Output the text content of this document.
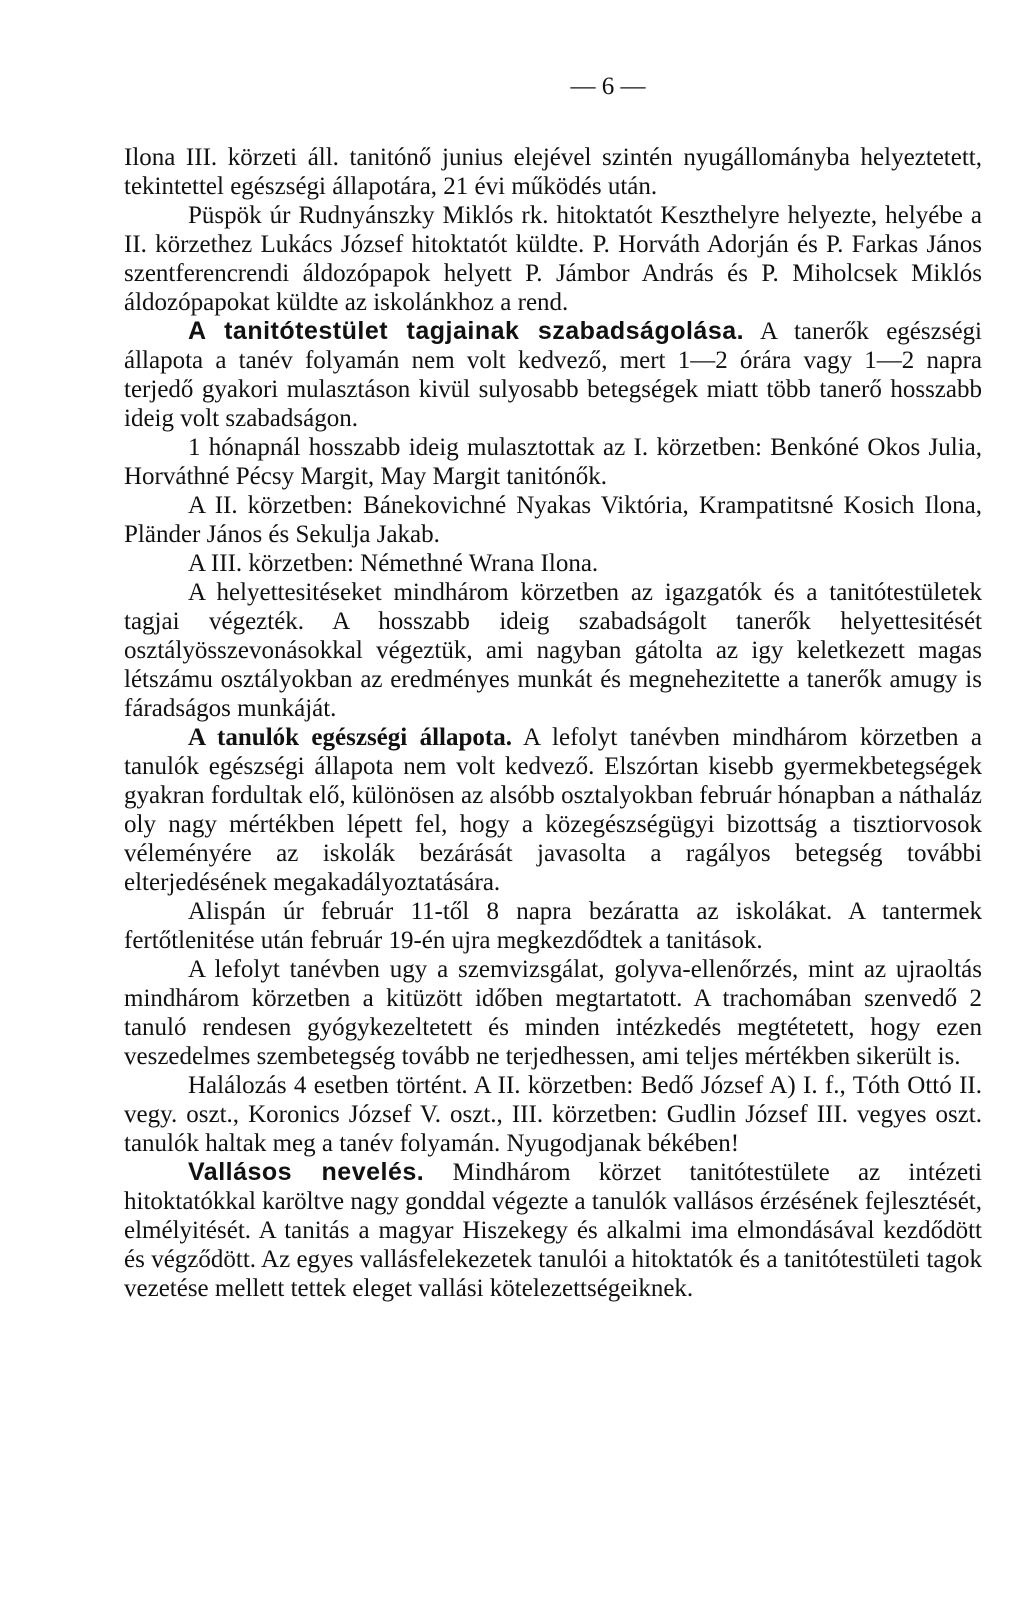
— 6 —

Ilona III. körzeti áll. tanitónő junius elejével szintén nyugállományba helyeztetett, tekintettel egészségi állapotára, 21 évi működés után.

Püspök úr Rudnyánszky Miklós rk. hitoktatót Keszthelyre helyezte, helyébe a II. körzethez Lukács József hitoktatót küldte. P. Horváth Adorján és P. Farkas János szentferencrendi áldozópapok helyett P. Jámbor András és P. Miholcsek Miklós áldozópapokat küldte az iskolánkhoz a rend.

A tanitótestület tagjainak szabadságolása. A tanerők egészségi állapota a tanév folyamán nem volt kedvező, mert 1—2 órára vagy 1—2 napra terjedő gyakori mulasztáson kivül sulyosabb betegségek miatt több tanerő hosszabb ideig volt szabadságon.

1 hónapnál hosszabb ideig mulasztottak az I. körzetben: Benkóné Okos Julia, Horváthné Pécsy Margit, May Margit tanitónők.

A II. körzetben: Bánekovichné Nyakas Viktória, Krampatitsné Kosich Ilona, Pländer János és Sekulja Jakab.

A III. körzetben: Némethné Wrana Ilona.

A helyettesitéseket mindhárom körzetben az igazgatók és a tanitótestületek tagjai végezték. A hosszabb ideig szabadságolt tanerők helyettesitését osztályösszevonásokkal végeztük, ami nagyban gátolta az igy keletkezett magas létszámu osztályokban az eredményes munkát és megnehezitette a tanerők amugy is fáradságos munkáját.

A tanulók egészségi állapota. A lefolyt tanévben mindhárom körzetben a tanulók egészségi állapota nem volt kedvező. Elszórtan kisebb gyermekbetegségek gyakran fordultak elő, különösen az alsóbb osztalyokban február hónapban a náthaláz oly nagy mértékben lépett fel, hogy a közegészségügyi bizottság a tisztiorvosok véleményére az iskolák bezárását javasolta a ragályos betegség további elterjedésének megakadályoztatására.

Alispán úr február 11-től 8 napra bezáratta az iskolákat. A tantermek fertőtlenitése után február 19-én ujra megkezdődtek a tanitások.

A lefolyt tanévben ugy a szemvizsgálat, golyva-ellenőrzés, mint az ujraoltás mindhárom körzetben a kitüzött időben megtartatott. A trachomában szenvedő 2 tanuló rendesen gyógykezeltetett és minden intézkedés megtétetett, hogy ezen veszedelmes szembetegség tovább ne terjedhessen, ami teljes mértékben sikerült is.

Halálozás 4 esetben történt. A II. körzetben: Bedő József A) I. f., Tóth Ottó II. vegy. oszt., Koronics József V. oszt., III. körzetben: Gudlin József III. vegyes oszt. tanulók haltak meg a tanév folyamán. Nyugodjanak békében!

Vallásos nevelés. Mindhárom körzet tanitótestülete az intézeti hitoktatókkal karöltve nagy gonddal végezte a tanulók vallásos érzésének fejlesztését, elmélyitését. A tanitás a magyar Hiszekegy és alkalmi ima elmondásával kezdődött és végződött. Az egyes vallásfelekezetek tanulói a hitoktatók és a tanitótestületi tagok vezetése mellett tettek eleget vallási kötelezettségeiknek.
